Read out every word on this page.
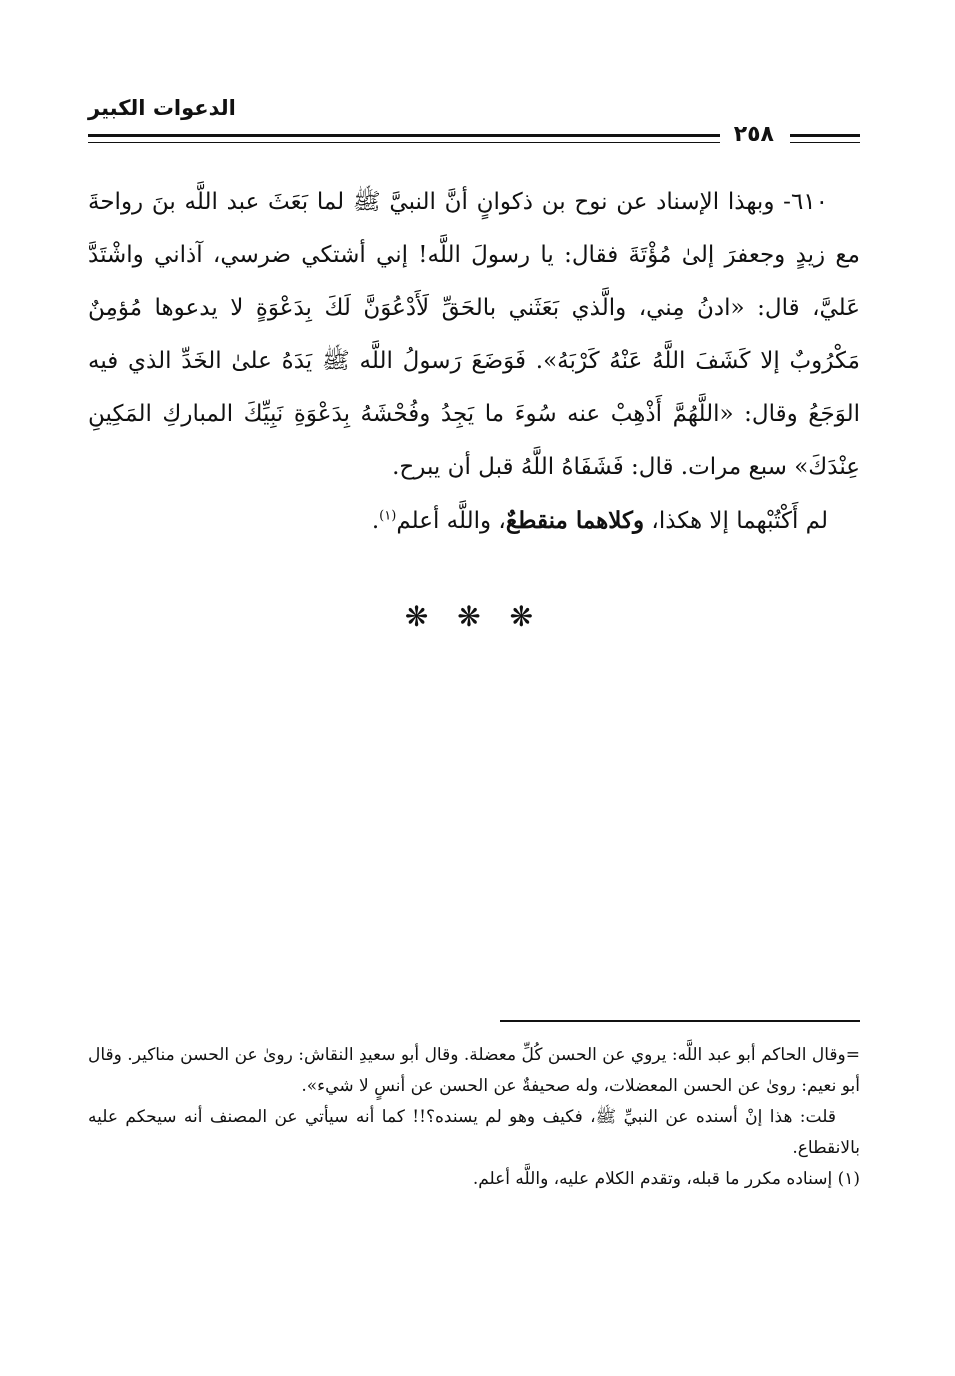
الدعوات الكبير
٢٥٨

٦١٠- وبهذا الإسناد عن نوح بن ذكوانٍ أنَّ النبيَّ ﷺ لما بَعَثَ عبد اللَّه بنَ رواحةَ مع زيدٍ وجعفرَ إلىٰ مُؤْتَةَ فقال: يا رسولَ اللَّه! إني أشتكي ضرسي، آذاني واشْتَدَّ عَليَّ، قال: «ادنُ مِني، والَّذي بَعَثَني بالحَقِّ لَأَدْعُوَنَّ لَكَ بِدَعْوَةٍ لا يدعوها مُؤمِنٌ مَكْرُوبٌ إلا كَشَفَ اللَّهُ عَنْهُ كَرْبَهُ». فَوَضَعَ رَسولُ اللَّه ﷺ يَدَهُ علىٰ الخَدِّ الذي فيه الوَجَعُ وقال: «اللَّهُمَّ أَذْهِبْ عنه سُوءَ ما يَجِدُ وفُحْشَهُ بِدَعْوَةِ نَبِيِّكَ المباركِ المَكِينِ عِنْدَكَ» سبع مرات. قال: فَشَفَاهُ اللَّهُ قبل أن يبرح.

لم أَكْتُبْهما إلا هكذا، وكلاهما منقطعٌ، واللَّه أعلم$^{(١)}$.

❋ ❋ ❋

=وقال الحاكم أبو عبد اللَّه: يروي عن الحسن كُلِّ معضلة. وقال أبو سعيدِ النقاش: روىٰ عن الحسن مناكير. وقال أبو نعيم: روىٰ عن الحسن المعضلات، وله صحيفةٌ عن الحسن عن أنسٍ لا شيء».

قلت: هذا إنْ أسنده عن النبيِّ ﷺ، فكيف وهو لم يسنده؟!! كما أنه سيأتي عن المصنف أنه سيحكم عليه بالانقطاع.

(١) إسناده مكرر ما قبله، وتقدم الكلام عليه، واللَّه أعلم.
